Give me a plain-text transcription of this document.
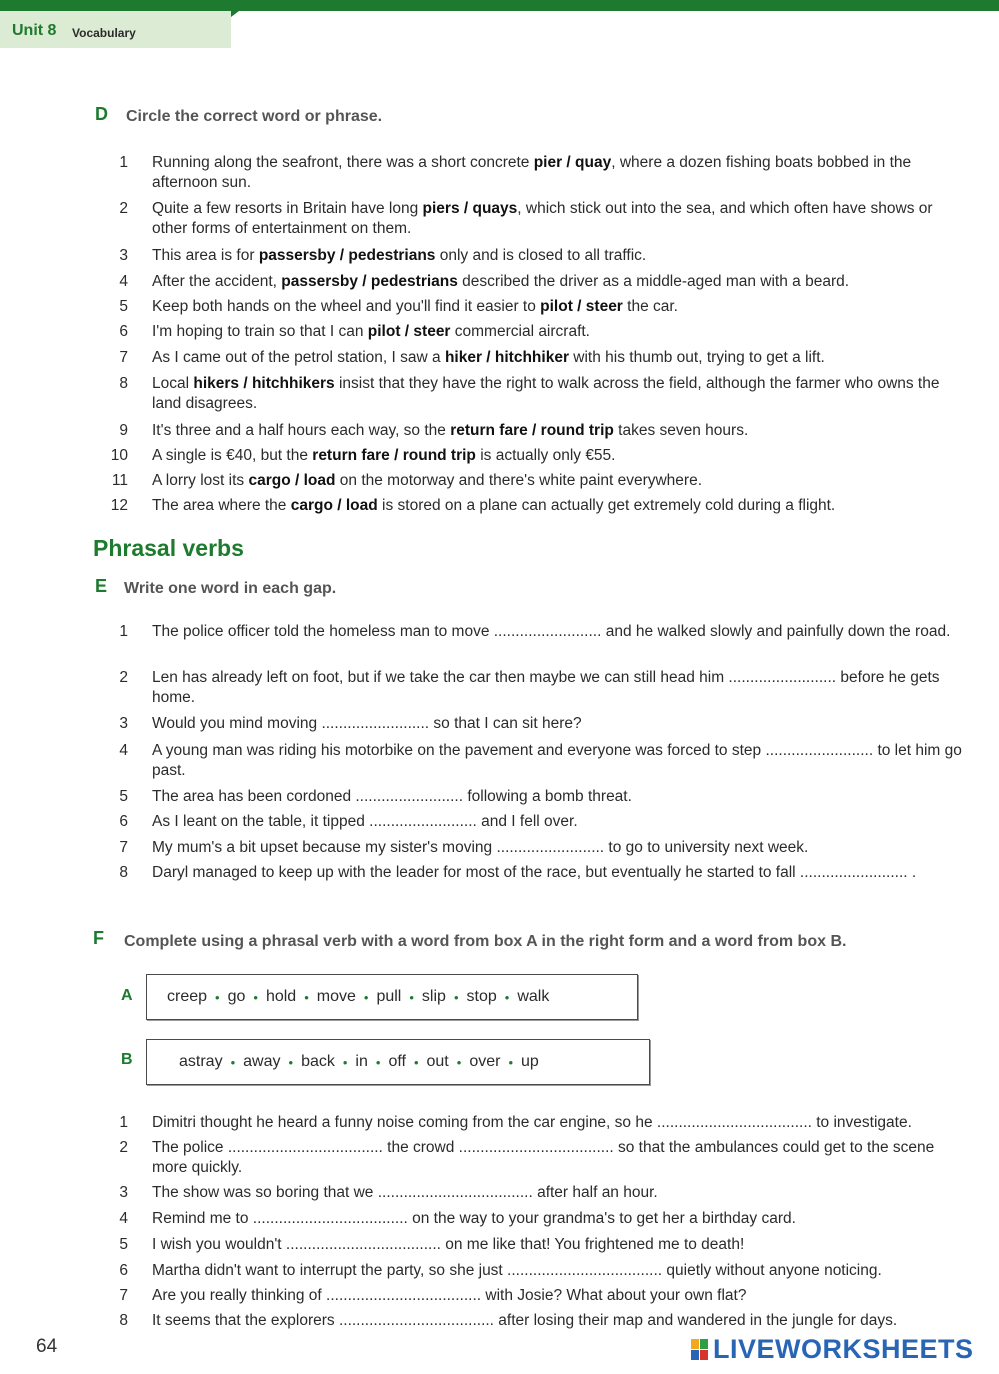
Unit 8 Vocabulary
D Circle the correct word or phrase.
1 Running along the seafront, there was a short concrete pier / quay, where a dozen fishing boats bobbed in the afternoon sun.
2 Quite a few resorts in Britain have long piers / quays, which stick out into the sea, and which often have shows or other forms of entertainment on them.
3 This area is for passersby / pedestrians only and is closed to all traffic.
4 After the accident, passersby / pedestrians described the driver as a middle-aged man with a beard.
5 Keep both hands on the wheel and you'll find it easier to pilot / steer the car.
6 I'm hoping to train so that I can pilot / steer commercial aircraft.
7 As I came out of the petrol station, I saw a hiker / hitchhiker with his thumb out, trying to get a lift.
8 Local hikers / hitchhikers insist that they have the right to walk across the field, although the farmer who owns the land disagrees.
9 It's three and a half hours each way, so the return fare / round trip takes seven hours.
10 A single is €40, but the return fare / round trip is actually only €55.
11 A lorry lost its cargo / load on the motorway and there's white paint everywhere.
12 The area where the cargo / load is stored on a plane can actually get extremely cold during a flight.
Phrasal verbs
E Write one word in each gap.
1 The police officer told the homeless man to move ......................... and he walked slowly and painfully down the road.
2 Len has already left on foot, but if we take the car then maybe we can still head him ......................... before he gets home.
3 Would you mind moving ......................... so that I can sit here?
4 A young man was riding his motorbike on the pavement and everyone was forced to step ......................... to let him go past.
5 The area has been cordoned ......................... following a bomb threat.
6 As I leant on the table, it tipped ......................... and I fell over.
7 My mum's a bit upset because my sister's moving ......................... to go to university next week.
8 Daryl managed to keep up with the leader for most of the race, but eventually he started to fall ......................... .
F Complete using a phrasal verb with a word from box A in the right form and a word from box B.
A creep • go • hold • move • pull • slip • stop • walk
B	astray • away • back • in • off • out • over • up
1 Dimitri thought he heard a funny noise coming from the car engine, so he .................................... to investigate.
2 The police .................................... the crowd .................................... so that the ambulances could get to the scene more quickly.
3 The show was so boring that we .................................... after half an hour.
4 Remind me to .................................... on the way to your grandma's to get her a birthday card.
5 I wish you wouldn't .................................... on me like that! You frightened me to death!
6 Martha didn't want to interrupt the party, so she just .................................... quietly without anyone noticing.
7 Are you really thinking of .................................... with Josie? What about your own flat?
8 It seems that the explorers .................................... after losing their map and wandered in the jungle for days.
64	LIVEWORKSHEETS
